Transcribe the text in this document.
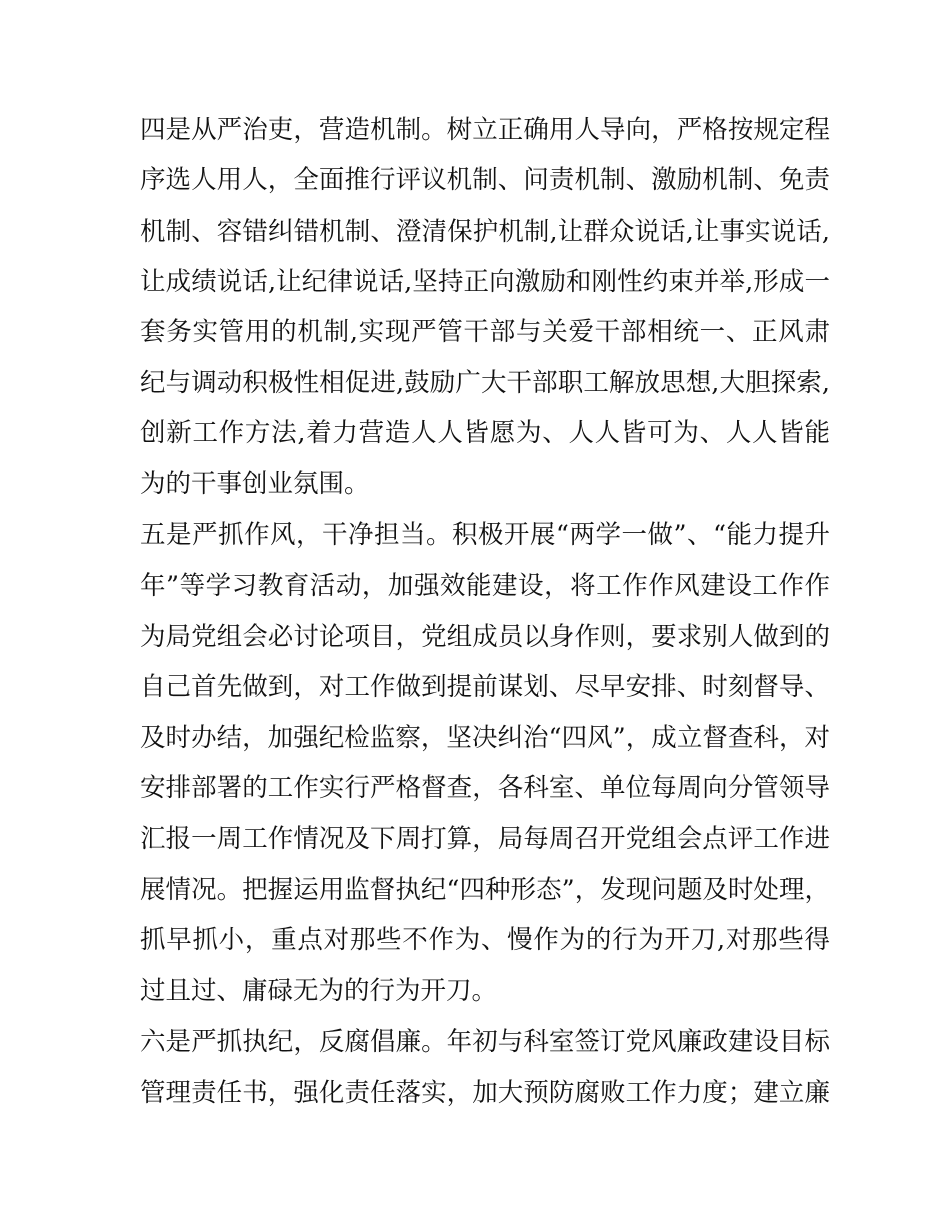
四是从严治吏，营造机制。树立正确用人导向，严格按规定程
序选人用人，全面推行评议机制、问责机制、激励机制、免责
机制、容错纠错机制、澄清保护机制,让群众说话,让事实说话,
让成绩说话,让纪律说话,坚持正向激励和刚性约束并举,形成一
套务实管用的机制,实现严管干部与关爱干部相统一、正风肃
纪与调动积极性相促进,鼓励广大干部职工解放思想,大胆探索,
创新工作方法,着力营造人人皆愿为、人人皆可为、人人皆能
为的干事创业氛围。
五是严抓作风，干净担当。积极开展“两学一做”、“能力提升
年”等学习教育活动，加强效能建设，将工作作风建设工作作
为局党组会必讨论项目，党组成员以身作则，要求别人做到的
自己首先做到，对工作做到提前谋划、尽早安排、时刻督导、
及时办结，加强纪检监察，坚决纠治“四风”，成立督查科，对
安排部署的工作实行严格督查，各科室、单位每周向分管领导
汇报一周工作情况及下周打算，局每周召开党组会点评工作进
展情况。把握运用监督执纪“四种形态”，发现问题及时处理，
抓早抓小，重点对那些不作为、慢作为的行为开刀,对那些得
过且过、庸碌无为的行为开刀。
六是严抓执纪，反腐倡廉。年初与科室签订党风廉政建设目标
管理责任书，强化责任落实，加大预防腐败工作力度；建立廉
